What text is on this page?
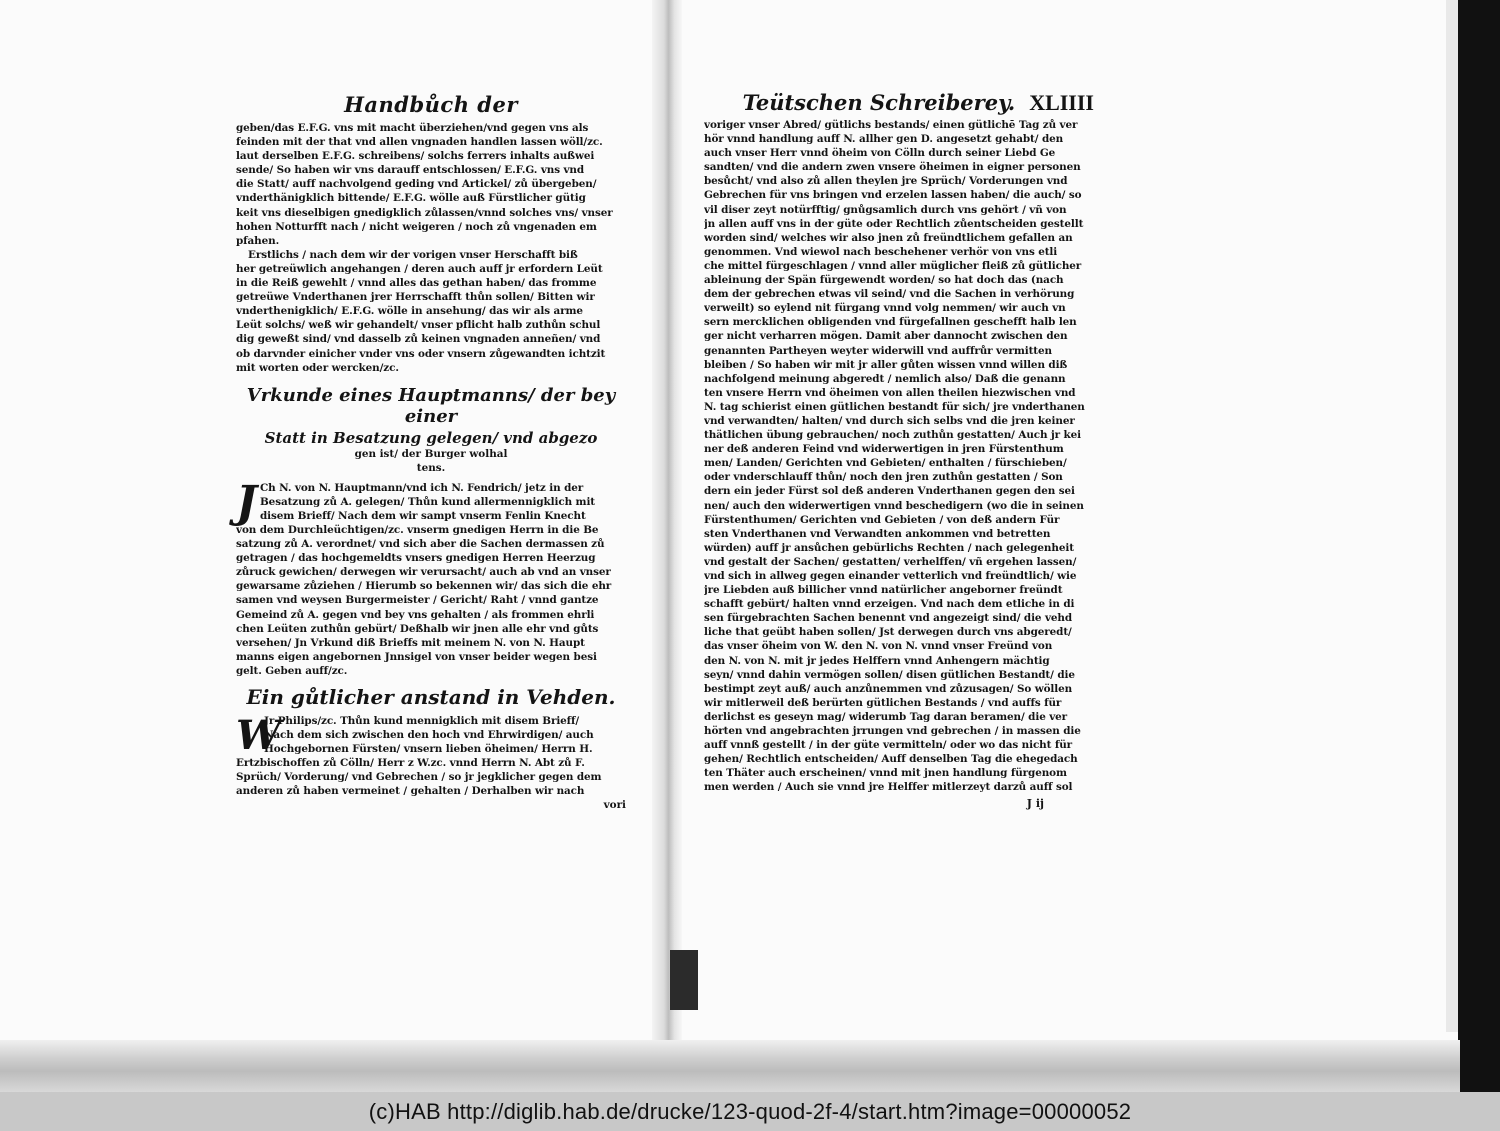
Handbůch der
geben/das E.F.G. vns mit macht überziehen/vnd gegen vns als
feinden mit der that vnd allen vngnaden handlen lassen wöll/zc.
laut derselben E.F.G. schreibens/ solchs ferrers inhalts außwei
sende/ So haben wir vns darauff entschlossen/ E.F.G. vns vnd
die Statt/ auff nachvolgend geding vnd Artickel/ zů übergeben/
vnderthänigklich bittende/ E.F.G. wölle auß Fürstlicher gütig
keit vns dieselbigen gnedigklich zůlassen/vnnd solches vns/ vnser
hohen Notturfft nach / nicht weigeren / noch zů vngenaden em
pfahen.
Erstlichs / nach dem wir der vorigen vnser Herschafft biß
her getreüwlich angehangen / deren auch auff jr erfordern Leüt
in die Reiß gewehlt / vnnd alles das gethan haben/ das fromme
getreüwe Vnderthanen jrer Herrschafft thůn sollen/ Bitten wir
vnderthenigklich/ E.F.G. wölle in ansehung/ das wir als arme
Leüt solchs/ weß wir gehandelt/ vnser pflicht halb zuthůn schul
dig geweßt sind/ vnd dasselb zů keinen vngnaden anneñen/ vnd
ob darvnder einicher vnder vns oder vnsern zůgewandten ichtzit
mit worten oder wercken/zc.
Vrkunde eines Hauptmanns/ der bey einer
Statt in Besatzung gelegen/ vnd abgezo
gen ist/ der Burger wolhal
tens.
J Ch N. von N. Hauptmann/vnd ich N. Fendrich/ jetz in der
Besatzung zů A. gelegen/ Thůn kund allermennigklich mit
disem Brieff/ Nach dem wir sampt vnserm Fenlin Knecht
von dem Durchleüchtigen/zc. vnserm gnedigen Herrn in die Be
satzung zů A. verordnet/ vnd sich aber die Sachen dermassen zů
getragen / das hochgemeldts vnsers gnedigen Herren Heerzug
zůruck gewichen/ derwegen wir verursacht/ auch ab vnd an vnser
gewarsame zůziehen / Hierumb so bekennen wir/ das sich die ehr
samen vnd weysen Burgermeister / Gericht/ Raht / vnnd gantze
Gemeind zů A. gegen vnd bey vns gehalten / als frommen ehrli
chen Leüten zuthůn gebürt/ Deßhalb wir jnen alle ehr vnd gůts
versehen/ Jn Vrkund diß Brieffs mit meinem N. von N. Haupt
manns eigen angebornen Jnnsigel von vnser beider wegen besi
gelt. Geben auff/zc.
Ein gůtlicher anstand in Vehden.
W
Jr Philips/zc. Thůn kund mennigklich mit disem Brieff/
Nach dem sich zwischen den hoch vnd Ehrwirdigen/ auch
Hochgebornen Fürsten/ vnsern lieben öheimen/ Herrn H.
Ertzbischoffen zů Cölln/ Herr z W.zc. vnnd Herrn N. Abt zů F.
Sprüch/ Vorderung/ vnd Gebrechen / so jr jegklicher gegen dem
anderen zů haben vermeinet / gehalten / Derhalben wir nach
vori
Teütschen Schreiberey. XLIIII
voriger vnser Abred/ gütlichs bestands/ einen gütlichē Tag zů ver
hör vnnd handlung auff N. allher gen D. angesetzt gehabt/ den
auch vnser Herr vnnd öheim von Cölln durch seiner Liebd Ge
sandten/ vnd die andern zwen vnsere öheimen in eigner personen
besůcht/ vnd also zů allen theylen jre Sprüch/ Vorderungen vnd
Gebrechen für vns bringen vnd erzelen lassen haben/ die auch/ so
vil diser zeyt notürfftig/ gnůgsamlich durch vns gehört / vñ von
jn allen auff vns in der güte oder Rechtlich zůentscheiden gestellt
worden sind/ welches wir also jnen zů freündtlichem gefallen an
genommen. Vnd wiewol nach beschehener verhör von vns etli
che mittel fürgeschlagen / vnnd aller müglicher fleiß zů gütlicher
ableinung der Spän fürgewendt worden/ so hat doch das (nach
dem der gebrechen etwas vil seind/ vnd die Sachen in verhörung
verweilt) so eylend nit fürgang vnnd volg nemmen/ wir auch vn
sern mercklichen obligenden vnd fürgefallnen geschefft halb len
ger nicht verharren mögen. Damit aber dannocht zwischen den
genannten Partheyen weyter widerwill vnd auffrůr vermitten
bleiben / So haben wir mit jr aller gůten wissen vnnd willen diß
nachfolgend meinung abgeredt / nemlich also/ Daß die genann
ten vnsere Herrn vnd öheimen von allen theilen hiezwischen vnd
N. tag schierist einen gütlichen bestandt für sich/ jre vnderthanen
vnd verwandten/ halten/ vnd durch sich selbs vnd die jren keiner
thätlichen übung gebrauchen/ noch zuthůn gestatten/ Auch jr kei
ner deß anderen Feind vnd widerwertigen in jren Fürstenthum
men/ Landen/ Gerichten vnd Gebieten/ enthalten / fürschieben/
oder vnderschlauff thůn/ noch den jren zuthůn gestatten / Son
dern ein jeder Fürst sol deß anderen Vnderthanen gegen den sei
nen/ auch den widerwertigen vnnd beschedigern (wo die in seinen
Fürstenthumen/ Gerichten vnd Gebieten / von deß andern Für
sten Vnderthanen vnd Verwandten ankommen vnd betretten
würden) auff jr ansůchen gebürlichs Rechten / nach gelegenheit
vnd gestalt der Sachen/ gestatten/ verhelffen/ vñ ergehen lassen/
vnd sich in allweg gegen einander vetterlich vnd freündtlich/ wie
jre Liebden auß billicher vnnd natürlicher angeborner freündt
schafft gebürt/ halten vnnd erzeigen. Vnd nach dem etliche in di
sen fürgebrachten Sachen benennt vnd angezeigt sind/ die vehd
liche that geübt haben sollen/ Jst derwegen durch vns abgeredt/
das vnser öheim von W. den N. von N. vnnd vnser Freünd von
den N. von N. mit jr jedes Helffern vnnd Anhengern mächtig
seyn/ vnnd dahin vermögen sollen/ disen gütlichen Bestandt/ die
bestimpt zeyt auß/ auch anzůnemmen vnd zůzusagen/ So wöllen
wir mitlerweil deß berürten gütlichen Bestands / vnd auffs für
derlichst es geseyn mag/ widerumb Tag daran beramen/ die ver
hörten vnd angebrachten jrrungen vnd gebrechen / in massen die
auff vnnß gestellt / in der güte vermitteln/ oder wo das nicht für
gehen/ Rechtlich entscheiden/ Auff denselben Tag die ehegedach
ten Thäter auch erscheinen/ vnnd mit jnen handlung fürgenom
men werden / Auch sie vnnd jre Helffer mitlerzeyt darzů auff sol
J ij
(c)HAB http://diglib.hab.de/drucke/123-quod-2f-4/start.htm?image=00000052
